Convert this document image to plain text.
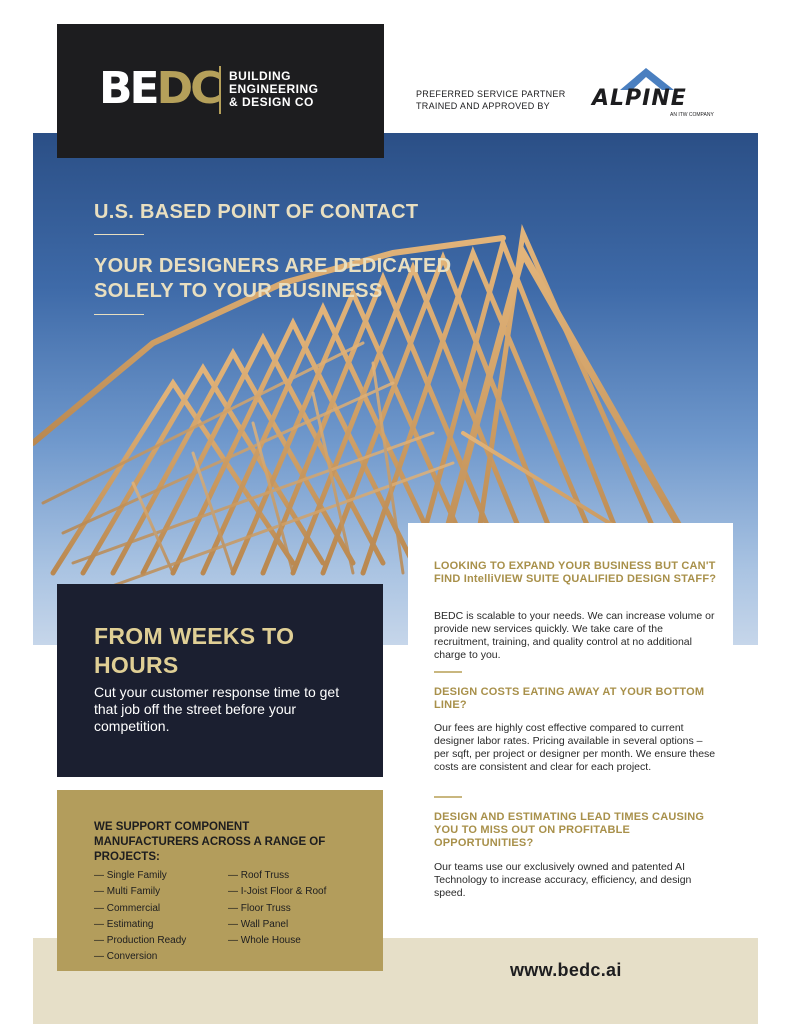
BEDC BUILDING
ENGINEERING
& DESIGN CO
PREFERRED SERVICE PARTNER
TRAINED AND APPROVED BY	ALPINE
AN ITW COMPANY
U.S. BASED POINT OF CONTACT
YOUR DESIGNERS ARE DEDICATED SOLELY TO YOUR BUSINESS
FROM WEEKS TO HOURS
Cut your customer response time to get that job off the street before your competition.
WE SUPPORT COMPONENT MANUFACTURERS ACROSS A RANGE OF PROJECTS:
— Single Family
— Multi Family
— Commercial
— Estimating
— Production Ready
— Conversion
— Roof Truss
— I-Joist Floor & Roof
— Floor Truss
— Wall Panel
— Whole House
LOOKING TO EXPAND YOUR BUSINESS BUT CAN'T FIND IntelliVIEW SUITE QUALIFIED DESIGN STAFF?
BEDC is scalable to your needs. We can increase volume or provide new services quickly. We take care of the recruitment, training, and quality control at no additional charge to you.
DESIGN COSTS EATING AWAY AT YOUR BOTTOM LINE?
Our fees are highly cost effective compared to current designer labor rates. Pricing available in several options – per sqft, per project or designer per month. We ensure these costs are consistent and clear for each project.
DESIGN AND ESTIMATING LEAD TIMES CAUSING YOU TO MISS OUT ON PROFITABLE OPPORTUNITIES?
Our teams use our exclusively owned and patented AI Technology to increase accuracy, efficiency, and design speed.
www.bedc.ai
